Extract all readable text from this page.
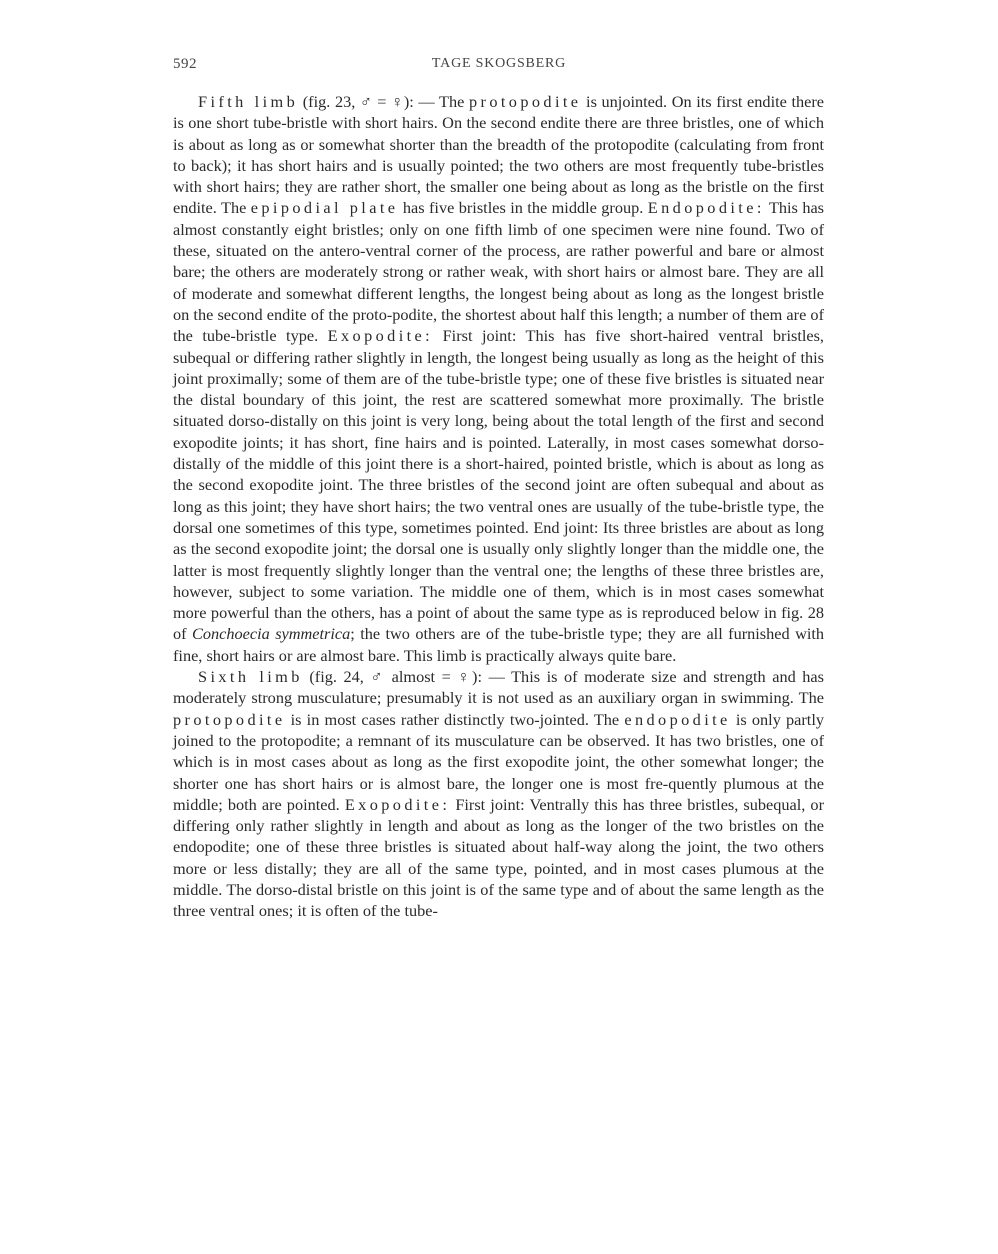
592	TAGE SKOGSBERG

Fifth limb (fig. 23, ♂ = ♀): — The protopodite is unjointed. On its first endite there is one short tube-bristle with short hairs. On the second endite there are three bristles, one of which is about as long as or somewhat shorter than the breadth of the protopodite (calculating from front to back); it has short hairs and is usually pointed; the two others are most frequently tube-bristles with short hairs; they are rather short, the smaller one being about as long as the bristle on the first endite. The epipodial plate has five bristles in the middle group. Endopodite: This has almost constantly eight bristles; only on one fifth limb of one specimen were nine found. Two of these, situated on the antero-ventral corner of the process, are rather powerful and bare or almost bare; the others are moderately strong or rather weak, with short hairs or almost bare. They are all of moderate and somewhat different lengths, the longest being about as long as the longest bristle on the second endite of the proto-podite, the shortest about half this length; a number of them are of the tube-bristle type. Exopodite: First joint: This has five short-haired ventral bristles, subequal or differing rather slightly in length, the longest being usually as long as the height of this joint proximally; some of them are of the tube-bristle type; one of these five bristles is situated near the distal boundary of this joint, the rest are scattered somewhat more proximally. The bristle situated dorso-distally on this joint is very long, being about the total length of the first and second exopodite joints; it has short, fine hairs and is pointed. Laterally, in most cases somewhat dorso-distally of the middle of this joint there is a short-haired, pointed bristle, which is about as long as the second exopodite joint. The three bristles of the second joint are often subequal and about as long as this joint; they have short hairs; the two ventral ones are usually of the tube-bristle type, the dorsal one sometimes of this type, sometimes pointed. End joint: Its three bristles are about as long as the second exopodite joint; the dorsal one is usually only slightly longer than the middle one, the latter is most frequently slightly longer than the ventral one; the lengths of these three bristles are, however, subject to some variation. The middle one of them, which is in most cases somewhat more powerful than the others, has a point of about the same type as is reproduced below in fig. 28 of Conchoecia symmetrica; the two others are of the tube-bristle type; they are all furnished with fine, short hairs or are almost bare. This limb is practically always quite bare.

Sixth limb (fig. 24, ♂ almost = ♀): — This is of moderate size and strength and has moderately strong musculature; presumably it is not used as an auxiliary organ in swimming. The protopodite is in most cases rather distinctly two-jointed. The endopodite is only partly joined to the protopodite; a remnant of its musculature can be observed. It has two bristles, one of which is in most cases about as long as the first exopodite joint, the other somewhat longer; the shorter one has short hairs or is almost bare, the longer one is most fre-quently plumous at the middle; both are pointed. Exopodite: First joint: Ventrally this has three bristles, subequal, or differing only rather slightly in length and about as long as the longer of the two bristles on the endopodite; one of these three bristles is situated about half-way along the joint, the two others more or less distally; they are all of the same type, pointed, and in most cases plumous at the middle. The dorso-distal bristle on this joint is of the same type and of about the same length as the three ventral ones; it is often of the tube-
